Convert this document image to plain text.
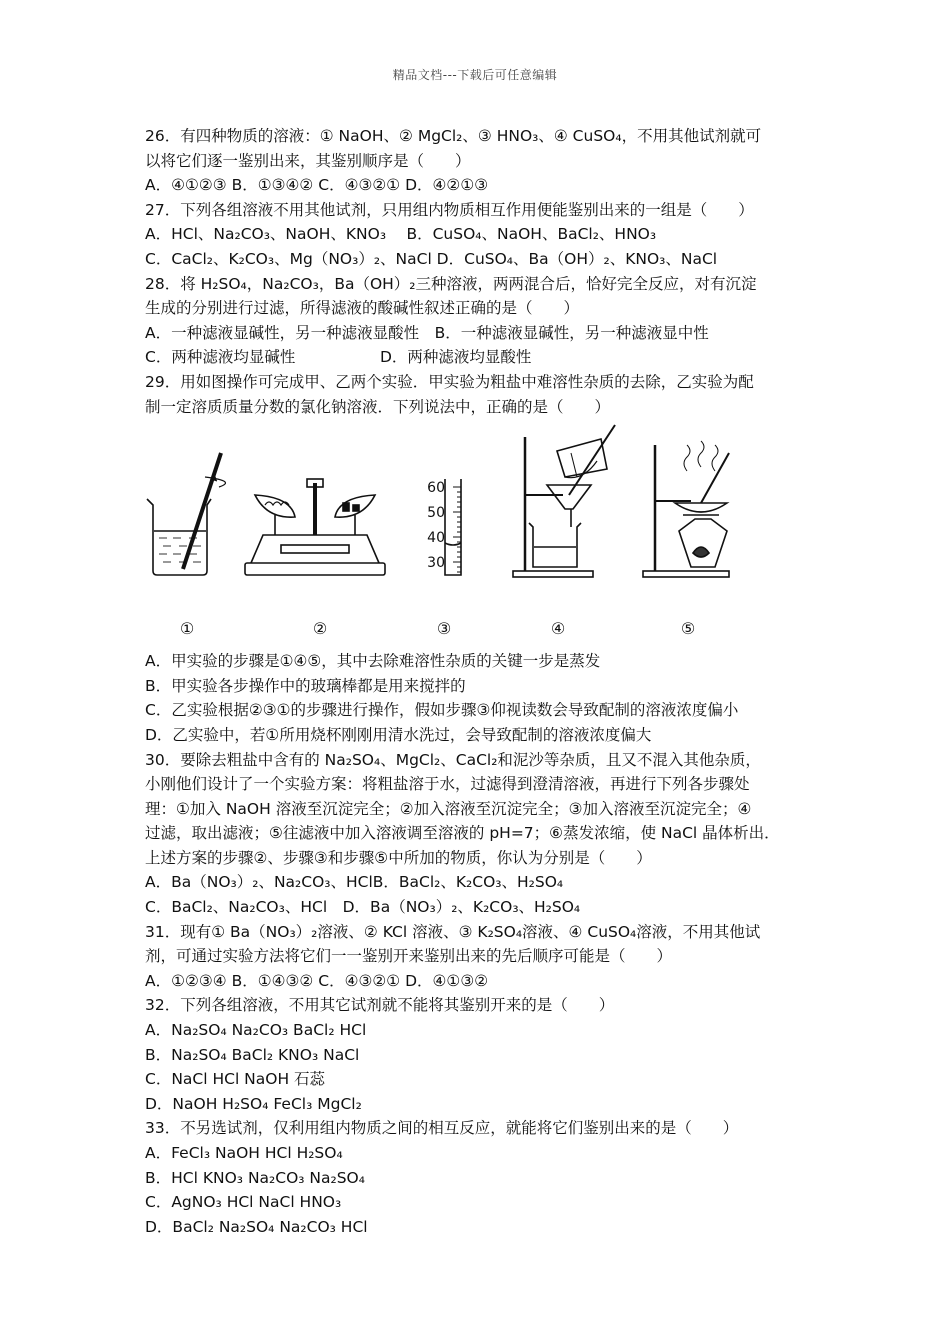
精品文档---下载后可任意编辑

26．有四种物质的溶液：① NaOH、② MgCl₂、③ HNO₃、④ CuSO₄，不用其他试剂就可

以将它们逐一鉴别出来，其鉴别顺序是（　　）

A．④①②③ B．①③④② C．④③②① D．④②①③

27．下列各组溶液不用其他试剂，只用组内物质相互作用便能鉴别出来的一组是（　　）

A．HCl、Na₂CO₃、NaOH、KNO₃　 B．CuSO₄、NaOH、BaCl₂、HNO₃

C．CaCl₂、K₂CO₃、Mg（NO₃）₂、NaCl D．CuSO₄、Ba（OH）₂、KNO₃、NaCl

28．将 H₂SO₄，Na₂CO₃，Ba（OH）₂三种溶液，两两混合后，恰好完全反应，对有沉淀

生成的分别进行过滤，所得滤液的酸碱性叙述正确的是（　　）

A．一种滤液显碱性，另一种滤液显酸性　B．一种滤液显碱性，另一种滤液显中性

C．两种滤液均显碱性	D．两种滤液均显酸性

29．用如图操作可完成甲、乙两个实验．甲实验为粗盐中难溶性杂质的去除，乙实验为配

制一定溶质质量分数的氯化钠溶液．下列说法中，正确的是（　　）

60
50
40
30
①	②	③	④	⑤

A．甲实验的步骤是①④⑤，其中去除难溶性杂质的关键一步是蒸发

B．甲实验各步操作中的玻璃棒都是用来搅拌的

C．乙实验根据②③①的步骤进行操作，假如步骤③仰视读数会导致配制的溶液浓度偏小

D．乙实验中，若①所用烧杯刚刚用清水洗过，会导致配制的溶液浓度偏大

30．要除去粗盐中含有的 Na₂SO₄、MgCl₂、CaCl₂和泥沙等杂质，且又不混入其他杂质，

小刚他们设计了一个实验方案：将粗盐溶于水，过滤得到澄清溶液，再进行下列各步骤处

理：①加入 NaOH 溶液至沉淀完全；②加入溶液至沉淀完全；③加入溶液至沉淀完全；④

过滤，取出滤液；⑤往滤液中加入溶液调至溶液的 pH=7；⑥蒸发浓缩，使 NaCl 晶体析出．

上述方案的步骤②、步骤③和步骤⑤中所加的物质，你认为分别是（　　）

A．Ba（NO₃）₂、Na₂CO₃、HClB．BaCl₂、K₂CO₃、H₂SO₄

C．BaCl₂、Na₂CO₃、HCl　D．Ba（NO₃）₂、K₂CO₃、H₂SO₄

31．现有① Ba（NO₃）₂溶液、② KCl 溶液、③ K₂SO₄溶液、④ CuSO₄溶液，不用其他试

剂，可通过实验方法将它们一一鉴别开来鉴别出来的先后顺序可能是（　　）

A．①②③④ B．①④③② C．④③②① D．④①③②

32．下列各组溶液，不用其它试剂就不能将其鉴别开来的是（　　）

A．Na₂SO₄ Na₂CO₃ BaCl₂ HCl

B．Na₂SO₄ BaCl₂ KNO₃ NaCl

C．NaCl HCl NaOH 石蕊

D．NaOH H₂SO₄ FeCl₃ MgCl₂

33．不另选试剂，仅利用组内物质之间的相互反应，就能将它们鉴别出来的是（　　）

A．FeCl₃ NaOH HCl H₂SO₄

B．HCl KNO₃ Na₂CO₃ Na₂SO₄

C．AgNO₃ HCl NaCl HNO₃

D．BaCl₂ Na₂SO₄ Na₂CO₃ HCl
